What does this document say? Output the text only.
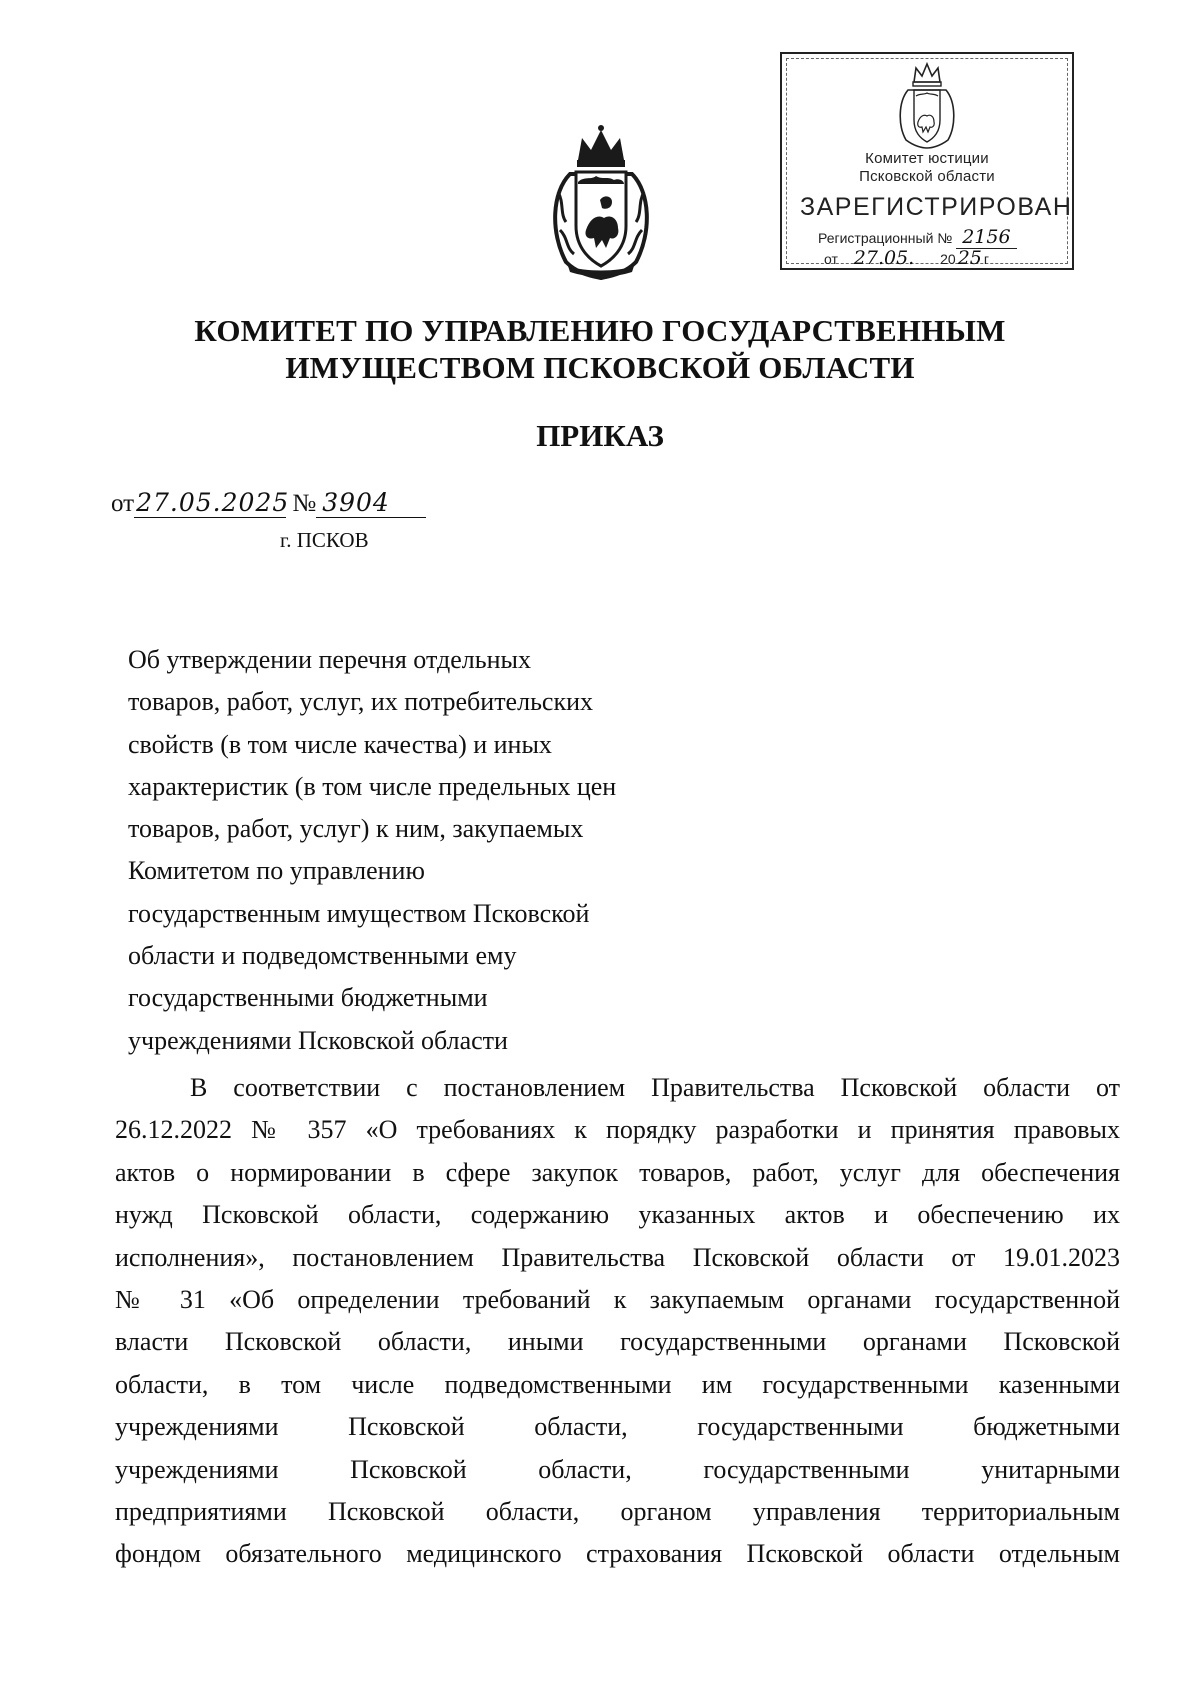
Комитет юстиции
Псковской области
ЗАРЕГИСТРИРОВАН
Регистрационный № 2156
от 27.05. 20 25 г
КОМИТЕТ ПО УПРАВЛЕНИЮ ГОСУДАРСТВЕННЫМ
ИМУЩЕСТВОМ ПСКОВСКОЙ ОБЛАСТИ
ПРИКАЗ
от27.05.2025 № 3904
г. ПСКОВ
Об утверждении перечня отдельных
товаров, работ, услуг, их потребительских
свойств (в том числе качества) и иных
характеристик (в том числе предельных цен
товаров, работ, услуг) к ним, закупаемых
Комитетом по управлению
государственным имуществом Псковской
области и подведомственными ему
государственными бюджетными
учреждениями Псковской области
В соответствии с постановлением Правительства Псковской области от
26.12.2022 № 357 «О требованиях к порядку разработки и принятия правовых
актов о нормировании в сфере закупок товаров, работ, услуг для обеспечения
нужд Псковской области, содержанию указанных актов и обеспечению их
исполнения», постановлением Правительства Псковской области от 19.01.2023
№ 31 «Об определении требований к закупаемым органами государственной
власти Псковской области, иными государственными органами Псковской
области, в том числе подведомственными им государственными казенными
учреждениями Псковской области, государственными бюджетными
учреждениями Псковской области, государственными унитарными
предприятиями Псковской области, органом управления территориальным
фондом обязательного медицинского страхования Псковской области отдельным
